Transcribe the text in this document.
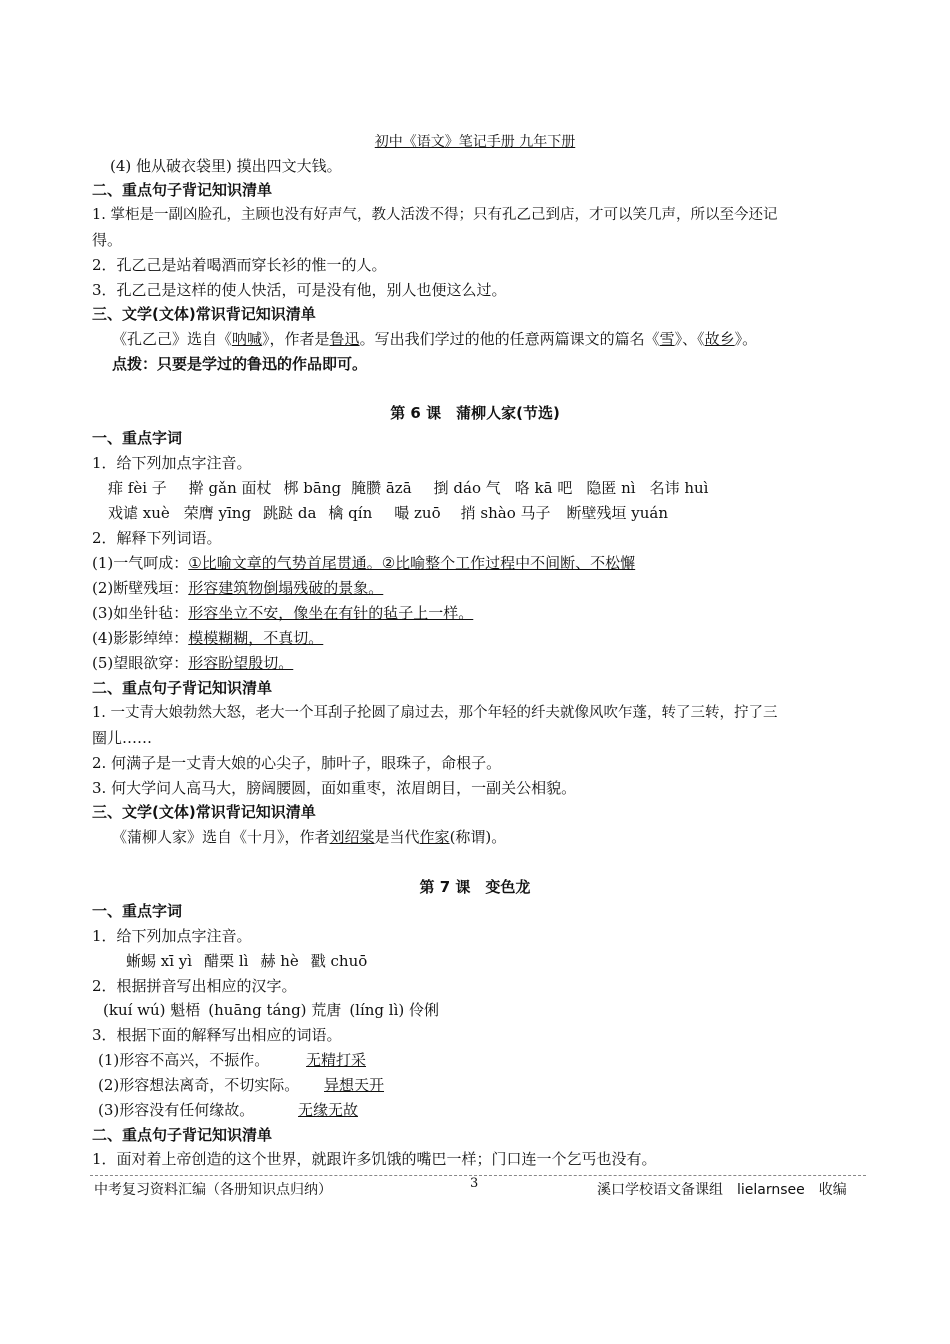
初中《语文》笔记手册 九年下册
(4) 他从破衣袋里) 摸出四文大钱。
二、重点句子背记知识清单
1. 掌柜是一副凶脸孔，主顾也没有好声气，教人活泼不得；只有孔乙己到店，才可以笑几声，所以至今还记
得。
2．孔乙己是站着喝酒而穿长衫的惟一的人。
3．孔乙己是这样的使人快活，可是没有他，别人也便这么过。
三、文学(文体)常识背记知识清单
《孔乙己》选自《呐喊》，作者是鲁迅。写出我们学过的他的任意两篇课文的篇名《雪》、《故乡》。
点拨：只要是学过的鲁迅的作品即可。
第 6 课　蒲柳人家(节选)
一、重点字词
1．给下列加点字注音。
痱 fèi 子 擀 gǎn 面杖 梆 bāng 腌臜 āzā 捯 dáo 气 咯 kā 吧 隐匿 nì 名讳 huì
戏谑 xuè 荣膺 yīng 跳跶 da 檎 qín 嘬 zuō 捎 shào 马子 断壁残垣 yuán
2．解释下列词语。
(1)一气呵成：①比喻文章的气势首尾贯通。②比喻整个工作过程中不间断、不松懈
(2)断壁残垣：形容建筑物倒塌残破的景象。
(3)如坐针毡：形容坐立不安，像坐在有针的毡子上一样。
(4)影影绰绰：模模糊糊，不真切。
(5)望眼欲穿：形容盼望殷切。
二、重点句子背记知识清单
1. 一丈青大娘勃然大怒，老大一个耳刮子抡圆了扇过去，那个年轻的纤夫就像风吹乍蓬，转了三转，拧了三
圈儿……
2. 何满子是一丈青大娘的心尖子，肺叶子，眼珠子，命根子。
3. 何大学问人高马大，膀阔腰圆，面如重枣，浓眉朗目，一副关公相貌。
三、文学(文体)常识背记知识清单
《蒲柳人家》选自《十月》，作者刘绍棠是当代作家(称谓)。
第 7 课　变色龙
一、重点字词
1．给下列加点字注音。
蜥蜴 xī yì 醋栗 lì 赫 hè 戳 chuō
2．根据拼音写出相应的汉字。
(kuí wú) 魁梧 (huāng táng) 荒唐 (líng lì) 伶俐
3．根据下面的解释写出相应的词语。
(1)形容不高兴，不振作。 无精打采
(2)形容想法离奇，不切实际。 异想天开
(3)形容没有任何缘故。	无缘无故
二、重点句子背记知识清单
1．面对着上帝创造的这个世界，就跟许多饥饿的嘴巴一样；门口连一个乞丐也没有。
中考复习资料汇编（各册知识点归纳）	3	溪口学校语文备课组　lielarnsee　收编
